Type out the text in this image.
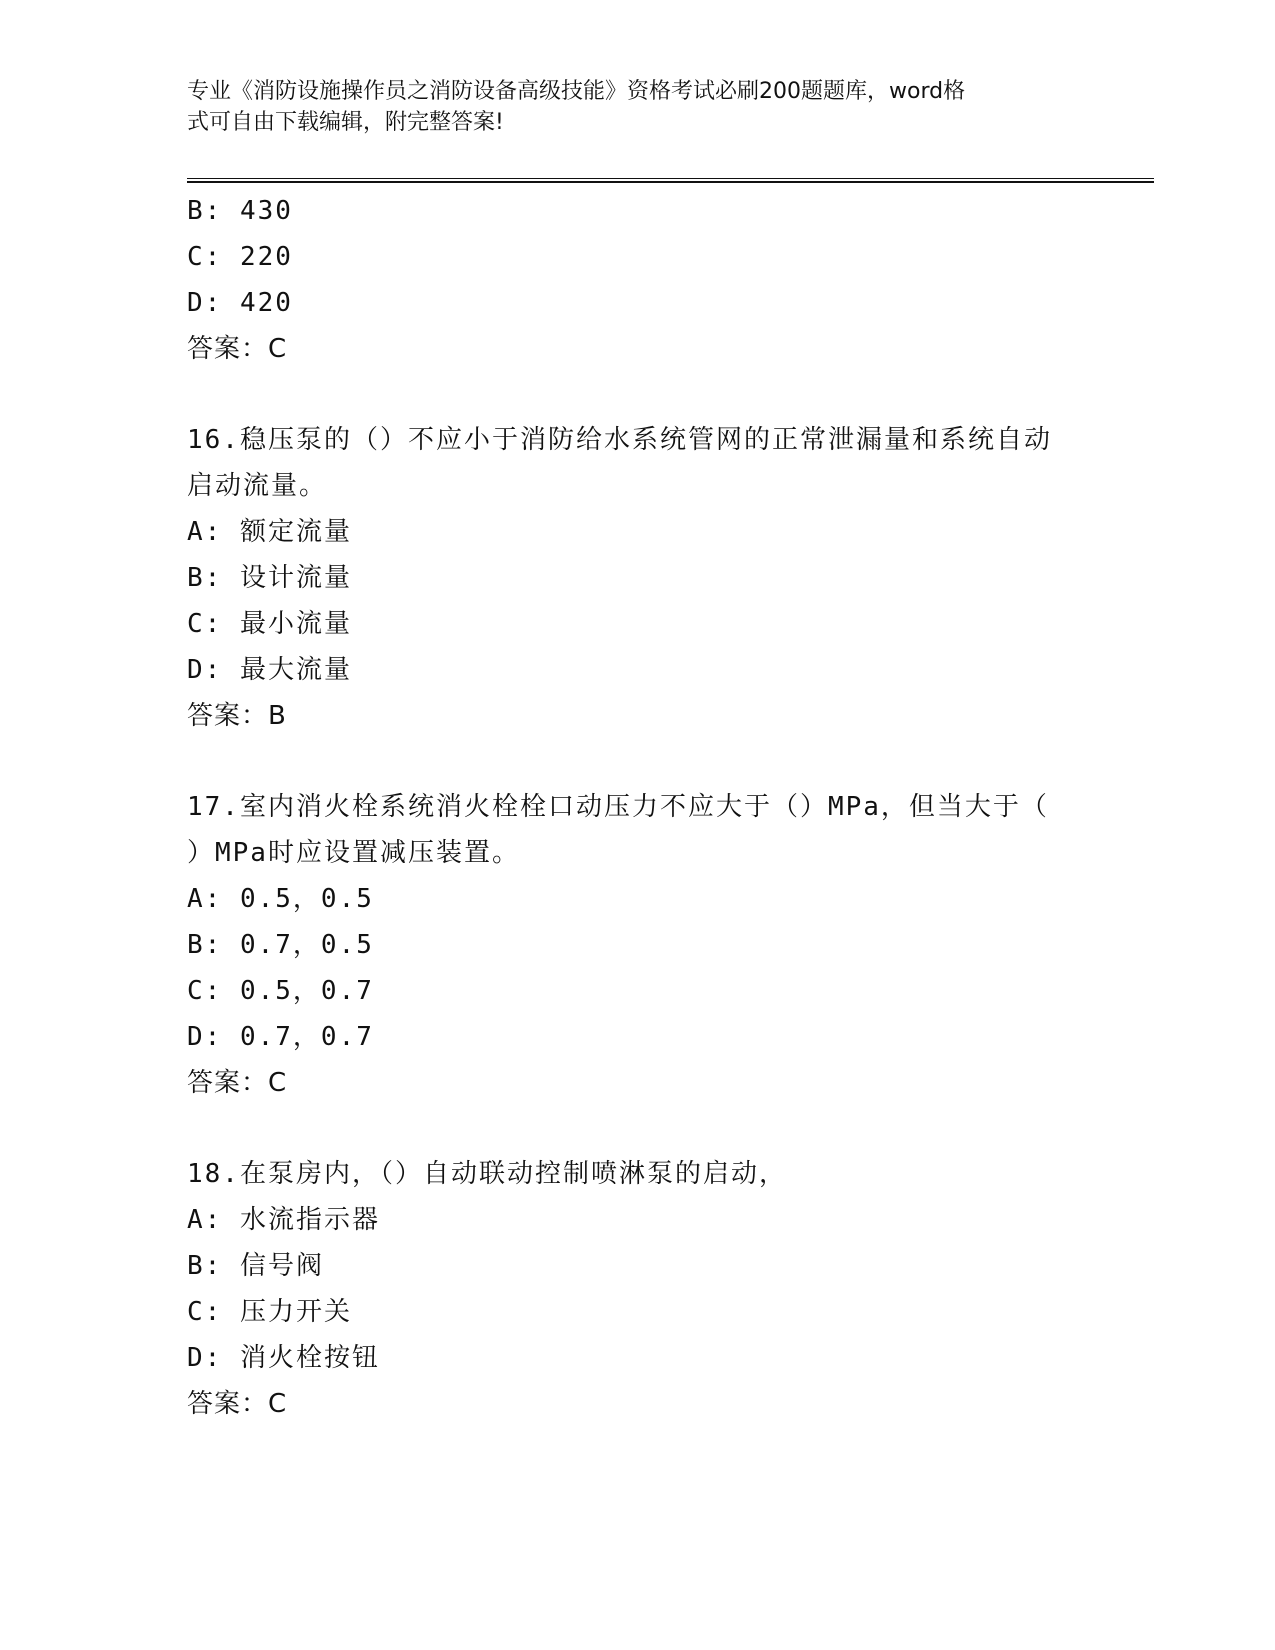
专业《消防设施操作员之消防设备高级技能》资格考试必刷200题题库，word格
式可自由下载编辑，附完整答案!
B: 430
C: 220
D: 420
答案：C
16.稳压泵的（）不应小于消防给水系统管网的正常泄漏量和系统自动
启动流量。
A: 额定流量
B: 设计流量
C: 最小流量
D: 最大流量
答案：B
17.室内消火栓系统消火栓栓口动压力不应大于（）MPa，但当大于（
）MPa时应设置减压装置。
A: 0.5，0.5
B: 0.7，0.5
C: 0.5，0.7
D: 0.7，0.7
答案：C
18.在泵房内，（）自动联动控制喷淋泵的启动，
A: 水流指示器
B: 信号阀
C: 压力开关
D: 消火栓按钮
答案：C
